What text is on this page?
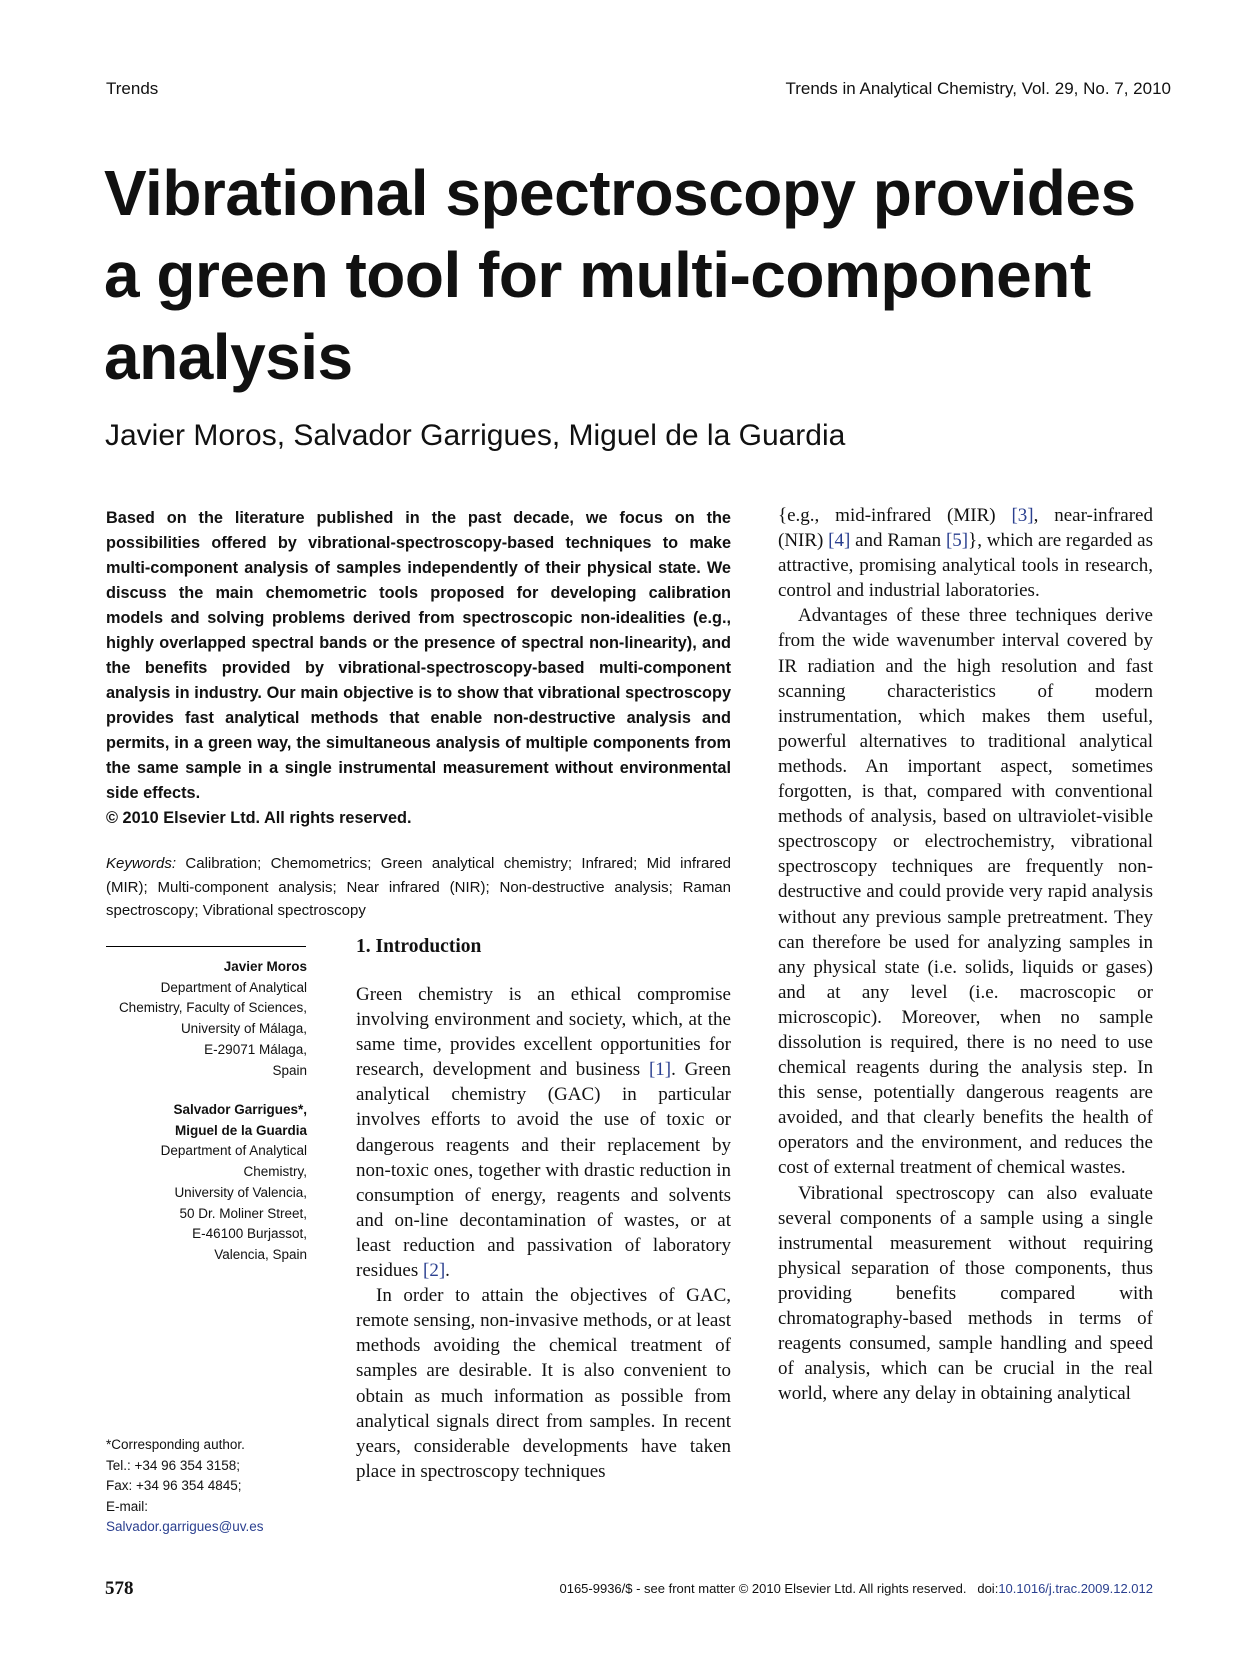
Trends	Trends in Analytical Chemistry, Vol. 29, No. 7, 2010
Vibrational spectroscopy provides
a green tool for multi-component
analysis
Javier Moros, Salvador Garrigues, Miguel de la Guardia

Based on the literature published in the past decade, we focus on the possibilities offered by vibrational-spectroscopy-based techniques to make multi-component analysis of samples independently of their physical state. We discuss the main chemometric tools proposed for developing calibration models and solving problems derived from spectroscopic non-idealities (e.g., highly overlapped spectral bands or the presence of spectral non-linearity), and the benefits provided by vibrational-spectroscopy-based multi-component analysis in industry. Our main objective is to show that vibrational spectroscopy provides fast analytical methods that enable non-destructive analysis and permits, in a green way, the simultaneous analysis of multiple components from the same sample in a single instrumental measurement without environmental side effects.

© 2010 Elsevier Ltd. All rights reserved.

Keywords: Calibration; Chemometrics; Green analytical chemistry; Infrared; Mid infrared (MIR); Multi-component analysis; Near infrared (NIR); Non-destructive analysis; Raman spectroscopy; Vibrational spectroscopy
Javier Moros
Department of Analytical
Chemistry, Faculty of Sciences,
University of Málaga,
E-29071 Málaga,
Spain
Salvador Garrigues*,
Miguel de la Guardia
Department of Analytical
Chemistry,
University of Valencia,
50 Dr. Moliner Street,
E-46100 Burjassot,
Valencia, Spain
*Corresponding author.
Tel.: +34 96 354 3158;
Fax: +34 96 354 4845;
E-mail:
Salvador.garrigues@uv.es
1. Introduction

Green chemistry is an ethical compromise involving environment and society, which, at the same time, provides excellent opportunities for research, development and business [1]. Green analytical chemistry (GAC) in particular involves efforts to avoid the use of toxic or dangerous reagents and their replacement by non-toxic ones, together with drastic reduction in consumption of energy, reagents and solvents and on-line decontamination of wastes, or at least reduction and passivation of laboratory residues [2].

In order to attain the objectives of GAC, remote sensing, non-invasive methods, or at least methods avoiding the chemical treatment of samples are desirable. It is also convenient to obtain as much information as possible from analytical signals direct from samples. In recent years, considerable developments have taken place in spectroscopy techniques

{e.g., mid-infrared (MIR) [3], near-infrared (NIR) [4] and Raman [5]}, which are regarded as attractive, promising analytical tools in research, control and industrial laboratories.

Advantages of these three techniques derive from the wide wavenumber interval covered by IR radiation and the high resolution and fast scanning characteristics of modern instrumentation, which makes them useful, powerful alternatives to traditional analytical methods. An important aspect, sometimes forgotten, is that, compared with conventional methods of analysis, based on ultraviolet-visible spectroscopy or electrochemistry, vibrational spectroscopy techniques are frequently non-destructive and could provide very rapid analysis without any previous sample pretreatment. They can therefore be used for analyzing samples in any physical state (i.e. solids, liquids or gases) and at any level (i.e. macroscopic or microscopic). Moreover, when no sample dissolution is required, there is no need to use chemical reagents during the analysis step. In this sense, potentially dangerous reagents are avoided, and that clearly benefits the health of operators and the environment, and reduces the cost of external treatment of chemical wastes.

Vibrational spectroscopy can also evaluate several components of a sample using a single instrumental measurement without requiring physical separation of those components, thus providing benefits compared with chromatography-based methods in terms of reagents consumed, sample handling and speed of analysis, which can be crucial in the real world, where any delay in obtaining analytical

578	0165-9936/$ - see front matter © 2010 Elsevier Ltd. All rights reserved. doi:10.1016/j.trac.2009.12.012
